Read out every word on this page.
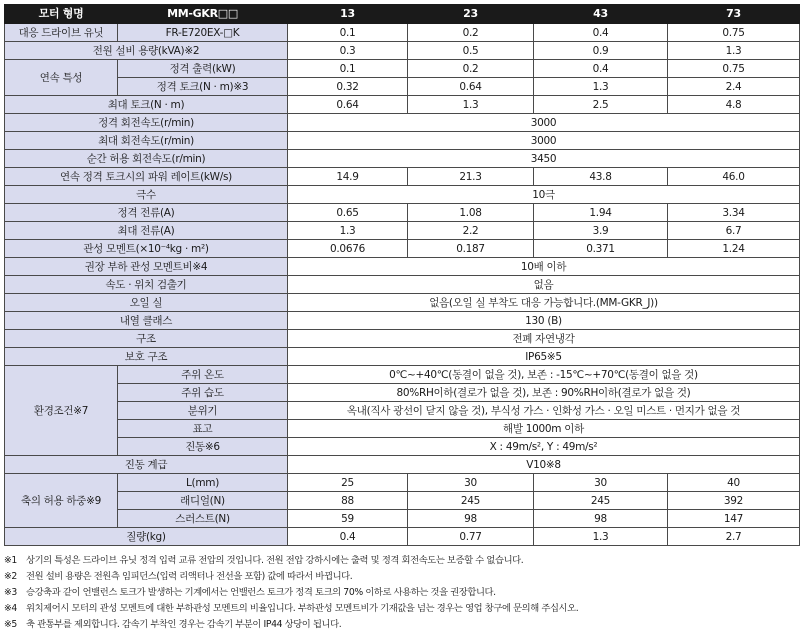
모터 형명	MM-GKR□□	13	23	43	73
대응 드라이브 유닛	FR-E720EX-□K	0.1	0.2	0.4	0.75
전원 설비 용량(kVA)※2		0.3	0.5	0.9	1.3
연속 특성	정격 출력(kW)	0.1	0.2	0.4	0.75
	정격 토크(N · m)※3	0.32	0.64	1.3	2.4
최대 토크(N · m)		0.64	1.3	2.5	4.8
정격 회전속도(r/min)		3000			
최대 회전속도(r/min)		3000			
순간 허용 회전속도(r/min)		3450			
연속 정격 토크시의 파워 레이트(kW/s)		14.9	21.3	43.8	46.0
극수		10극			
정격 전류(A)		0.65	1.08	1.94	3.34
최대 전류(A)		1.3	2.2	3.9	6.7
관성 모멘트(×10⁻⁴kg · m²)		0.0676	0.187	0.371	1.24
권장 부하 관성 모멘트비※4		10배 이하			
속도 · 위치 검출기		없음			
오일 실		없음(오일 실 부착도 대응 가능합니다.(MM-GKR_J))			
내열 클래스		130 (B)			
구조		전폐 자연냉각			
보호 구조		IP65※5			
환경조건※7	주위 온도	0℃~+40℃(동결이 없을 것), 보존 : -15℃~+70℃(동결이 없을 것)			
	주위 습도	80%RH이하(결로가 없을 것), 보존 : 90%RH이하(결로가 없을 것)			
	분위기	옥내(직사 광선이 닫지 않을 것), 부식성 가스 · 인화성 가스 · 오일 미스트 · 먼지가 없을 것			
	표고	해발 1000m 이하			
	진동※6	X : 49m/s², Y : 49m/s²			
진동 계급		V10※8			
축의 허용 하중※9	L(mm)	25	30	30	40
	래디얼(N)	88	245	245	392
	스러스트(N)	59	98	98	147
질량(kg)		0.4	0.77	1.3	2.7
※1 상기의 특성은 드라이브 유닛 정격 입력 교류 전압의 것입니다. 전원 전압 강하시에는 출력 및 정격 회전속도는 보증할 수 없습니다.
※2 전원 설비 용량은 전원측 임피던스(입력 리액터나 전선을 포함) 값에 따라서 바뀝니다.
※3 승강축과 같이 언밸런스 토크가 발생하는 기계에서는 언밸런스 토크가 정격 토크의 70% 이하로 사용하는 것을 권장합니다.
※4 위치제어시 모터의 관성 모멘트에 대한 부하관성 모멘트의 비율입니다. 부하관성 모멘트비가 기재값을 넘는 경우는 영업 창구에 문의해 주십시오.
※5 축 관통부를 제외합니다. 감속기 부착인 경우는 감속기 부분이 IP44 상당이 됩니다.
